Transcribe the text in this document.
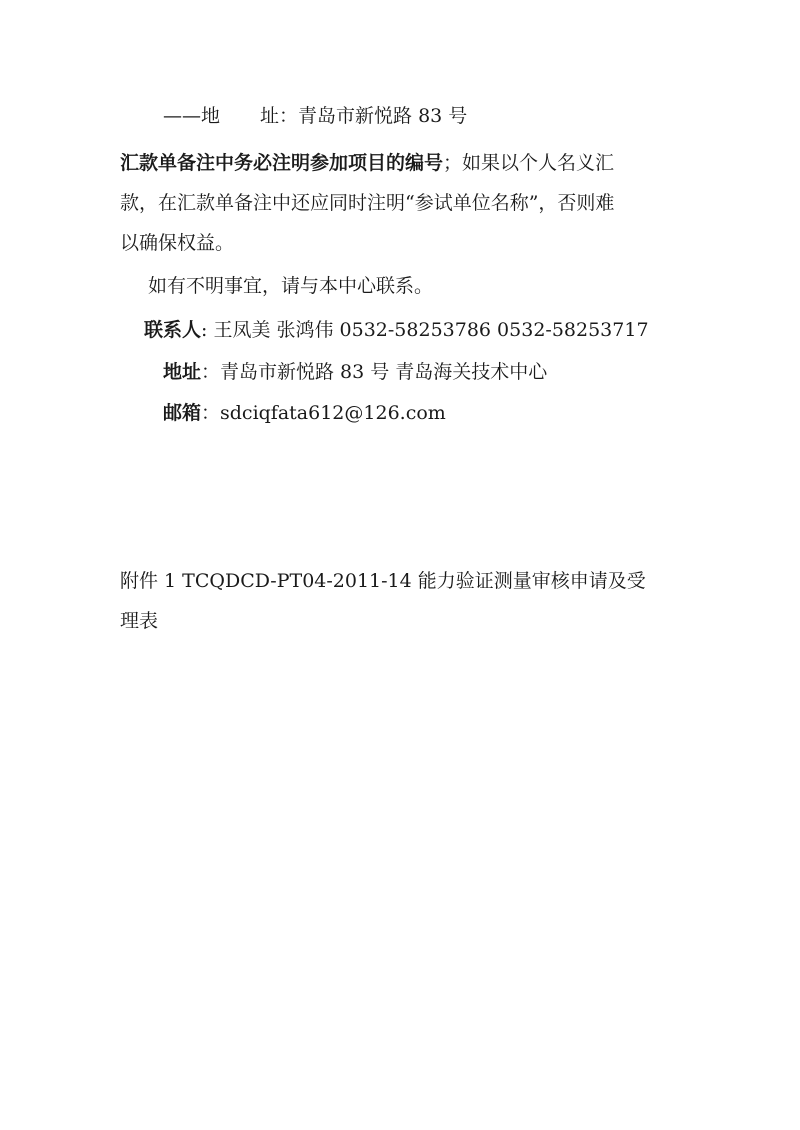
——地 址：青岛市新悦路 83 号
汇款单备注中务必注明参加项目的编号；如果以个人名义汇
款，在汇款单备注中还应同时注明“参试单位名称”，否则难
以确保权益。
如有不明事宜，请与本中心联系。
联系人: 王凤美 张鸿伟 0532-58253786 0532-58253717
地址：青岛市新悦路 83 号 青岛海关技术中心
邮箱：sdciqfata612@126.com
附件 1 TCQDCD-PT04-2011-14 能力验证测量审核申请及受
理表
